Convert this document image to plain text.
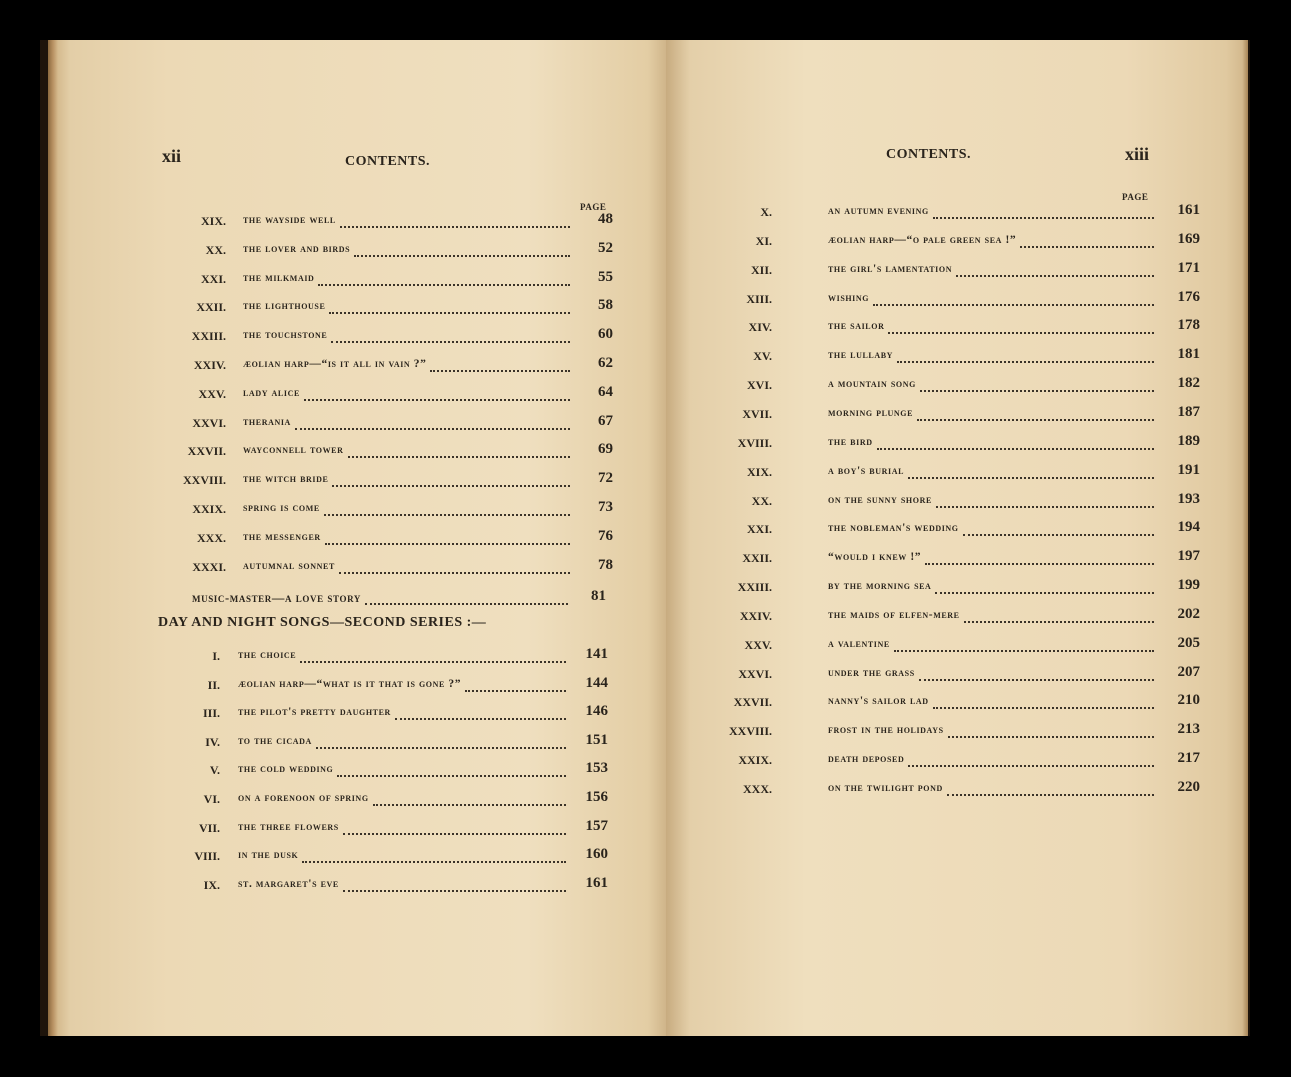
xii	CONTENTS.
PAGE
XIX. the wayside well	48
XX. the lover and birds	52
XXI. the milkmaid	55
XXII. the lighthouse	58
XXIII. the touchstone	60
XXIV. æolian harp—“is it all in vain ?”	62
XXV. lady alice	64
XXVI. therania	67
XXVII. wayconnell tower	69
XXVIII. the witch bride	72
XXIX. spring is come	73
XXX. the messenger	76
XXXI. autumnal sonnet	78
music-master—a love story	81
DAY AND NIGHT SONGS—SECOND SERIES :—
I. the choice	141
II. æolian harp—“what is it that is gone ?”	144
III. the pilot's pretty daughter	146
IV. to the cicada	151
V. the cold wedding	153
VI. on a forenoon of spring	156
VII. the three flowers	157
VIII. in the dusk	160
IX. st. margaret's eve	161
CONTENTS.	xiii
PAGE
X.	an autumn evening	161
XI.	æolian harp—“o pale green sea !”	169
XII.	the girl's lamentation	171
XIII.	wishing	176
XIV.	the sailor	178
XV.	the lullaby	181
XVI.	a mountain song	182
XVII.	morning plunge	187
XVIII.	the bird	189
XIX.	a boy's burial	191
XX.	on the sunny shore	193
XXI.	the nobleman's wedding	194
XXII.	“would i knew !”	197
XXIII.	by the morning sea	199
XXIV.	the maids of elfen-mere	202
XXV.	a valentine	205
XXVI.	under the grass	207
XXVII.	nanny's sailor lad	210
XXVIII.	frost in the holidays	213
XXIX.	death deposed	217
XXX.	on the twilight pond	220
